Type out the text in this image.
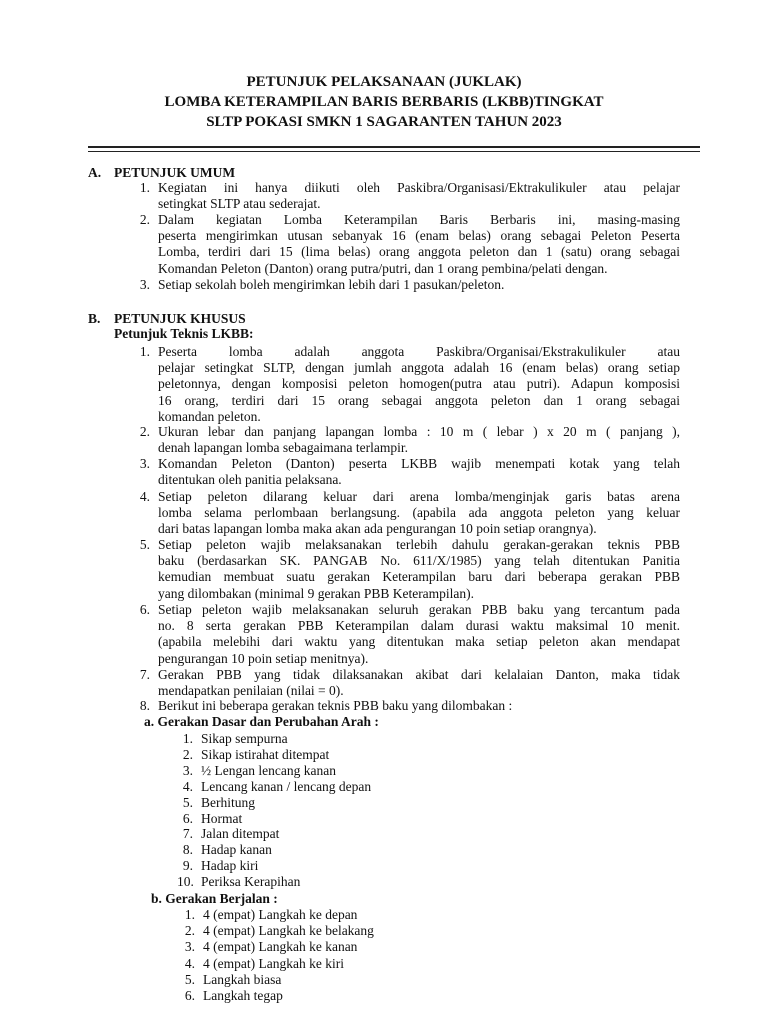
PETUNJUK PELAKSANAAN (JUKLAK)
LOMBA KETERAMPILAN BARIS BERBARIS (LKBB)TINGKAT
SLTP POKASI SMKN 1 SAGARANTEN TAHUN 2023
A. PETUNJUK UMUM
1. Kegiatan ini hanya diikuti oleh Paskibra/Organisasi/Ektrakulikuler atau pelajar
setingkat SLTP atau sederajat.
2. Dalam kegiatan Lomba Keterampilan Baris Berbaris ini, masing-masing
peserta mengirimkan utusan sebanyak 16 (enam belas) orang sebagai Peleton Peserta
Lomba, terdiri dari 15 (lima belas) orang anggota peleton dan 1 (satu) orang sebagai
Komandan Peleton (Danton) orang putra/putri, dan 1 orang pembina/pelati dengan.
3. Setiap sekolah boleh mengirimkan lebih dari 1 pasukan/peleton.
B. PETUNJUK KHUSUS
Petunjuk Teknis LKBB:
1. Peserta lomba adalah anggota Paskibra/Organisai/Ekstrakulikuler atau
pelajar setingkat SLTP, dengan jumlah anggota adalah 16 (enam belas) orang setiap
peletonnya, dengan komposisi peleton homogen(putra atau putri). Adapun komposisi
16 orang, terdiri dari 15 orang sebagai anggota peleton dan 1 orang sebagai
komandan peleton.
2. Ukuran lebar dan panjang lapangan lomba : 10 m ( lebar ) x 20 m ( panjang ),
denah lapangan lomba sebagaimana terlampir.
3. Komandan Peleton (Danton) peserta LKBB wajib menempati kotak yang telah
ditentukan oleh panitia pelaksana.
4. Setiap peleton dilarang keluar dari arena lomba/menginjak garis batas arena
lomba selama perlombaan berlangsung. (apabila ada anggota peleton yang keluar
dari batas lapangan lomba maka akan ada pengurangan 10 poin setiap orangnya).
5. Setiap peleton wajib melaksanakan terlebih dahulu gerakan-gerakan teknis PBB
baku (berdasarkan SK. PANGAB No. 611/X/1985) yang telah ditentukan Panitia
kemudian membuat suatu gerakan Keterampilan baru dari beberapa gerakan PBB
yang dilombakan (minimal 9 gerakan PBB Keterampilan).
6. Setiap peleton wajib melaksanakan seluruh gerakan PBB baku yang tercantum pada
no. 8 serta gerakan PBB Keterampilan dalam durasi waktu maksimal 10 menit.
(apabila melebihi dari waktu yang ditentukan maka setiap peleton akan mendapat
pengurangan 10 poin setiap menitnya).
7. Gerakan PBB yang tidak dilaksanakan akibat dari kelalaian Danton, maka tidak
mendapatkan penilaian (nilai = 0).
8. Berikut ini beberapa gerakan teknis PBB baku yang dilombakan :
a. Gerakan Dasar dan Perubahan Arah :
1. Sikap sempurna
2. Sikap istirahat ditempat
3. ½ Lengan lencang kanan
4. Lencang kanan / lencang depan
5. Berhitung
6. Hormat
7. Jalan ditempat
8. Hadap kanan
9. Hadap kiri
10. Periksa Kerapihan
b. Gerakan Berjalan :
1. 4 (empat) Langkah ke depan
2. 4 (empat) Langkah ke belakang
3. 4 (empat) Langkah ke kanan
4. 4 (empat) Langkah ke kiri
5. Langkah biasa
6. Langkah tegap
